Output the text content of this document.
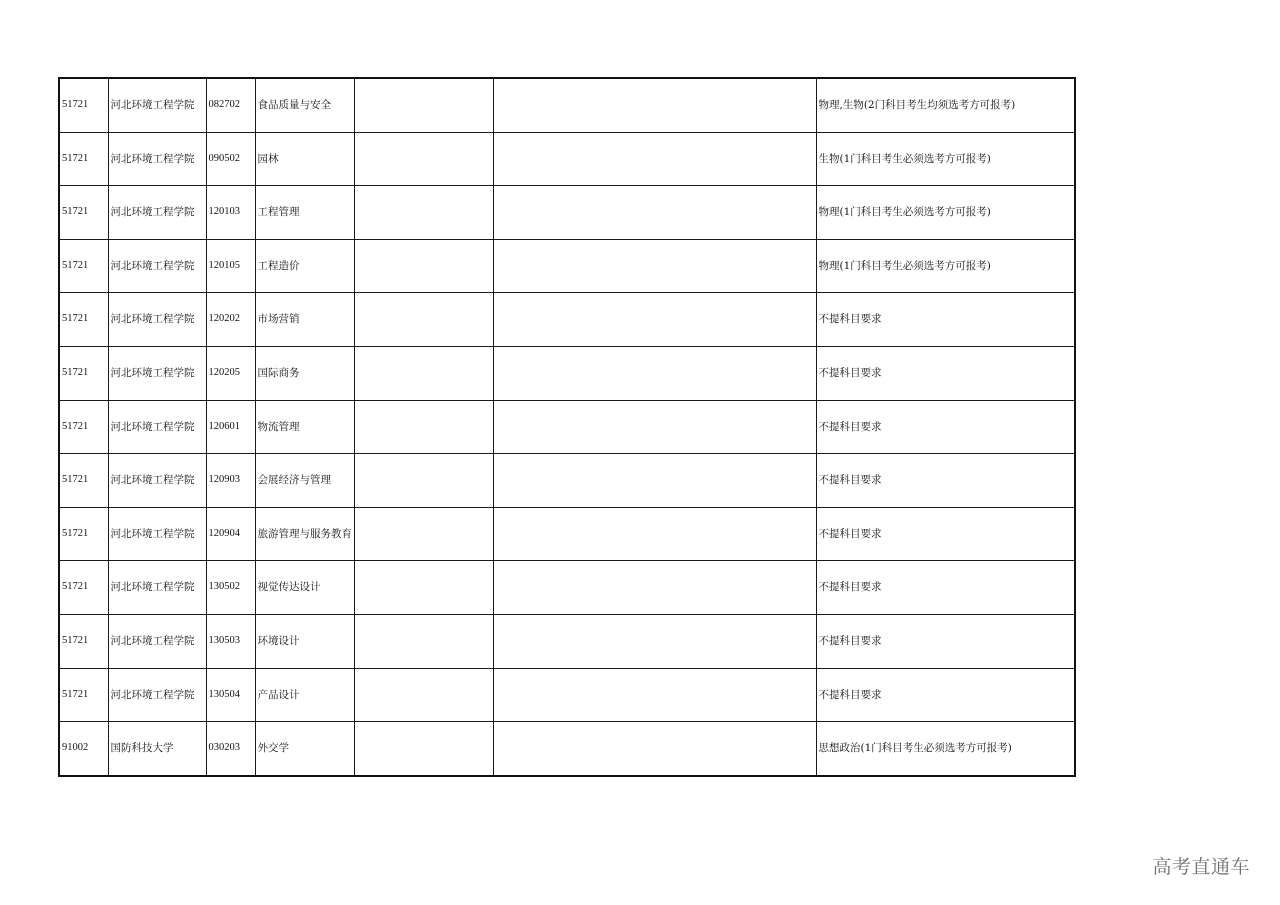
51721	河北环境工程学院	082702	食品质量与安全			物理,生物(2门科目考生均须选考方可报考)
51721	河北环境工程学院	090502	园林			生物(1门科目考生必须选考方可报考)
51721	河北环境工程学院	120103	工程管理			物理(1门科目考生必须选考方可报考)
51721	河北环境工程学院	120105	工程造价			物理(1门科目考生必须选考方可报考)
51721	河北环境工程学院	120202	市场营销			不提科目要求
51721	河北环境工程学院	120205	国际商务			不提科目要求
51721	河北环境工程学院	120601	物流管理			不提科目要求
51721	河北环境工程学院	120903	会展经济与管理			不提科目要求
51721	河北环境工程学院	120904	旅游管理与服务教育			不提科目要求
51721	河北环境工程学院	130502	视觉传达设计			不提科目要求
51721	河北环境工程学院	130503	环境设计			不提科目要求
51721	河北环境工程学院	130504	产品设计			不提科目要求
91002	国防科技大学	030203	外交学			思想政治(1门科目考生必须选考方可报考)
高考直通车
